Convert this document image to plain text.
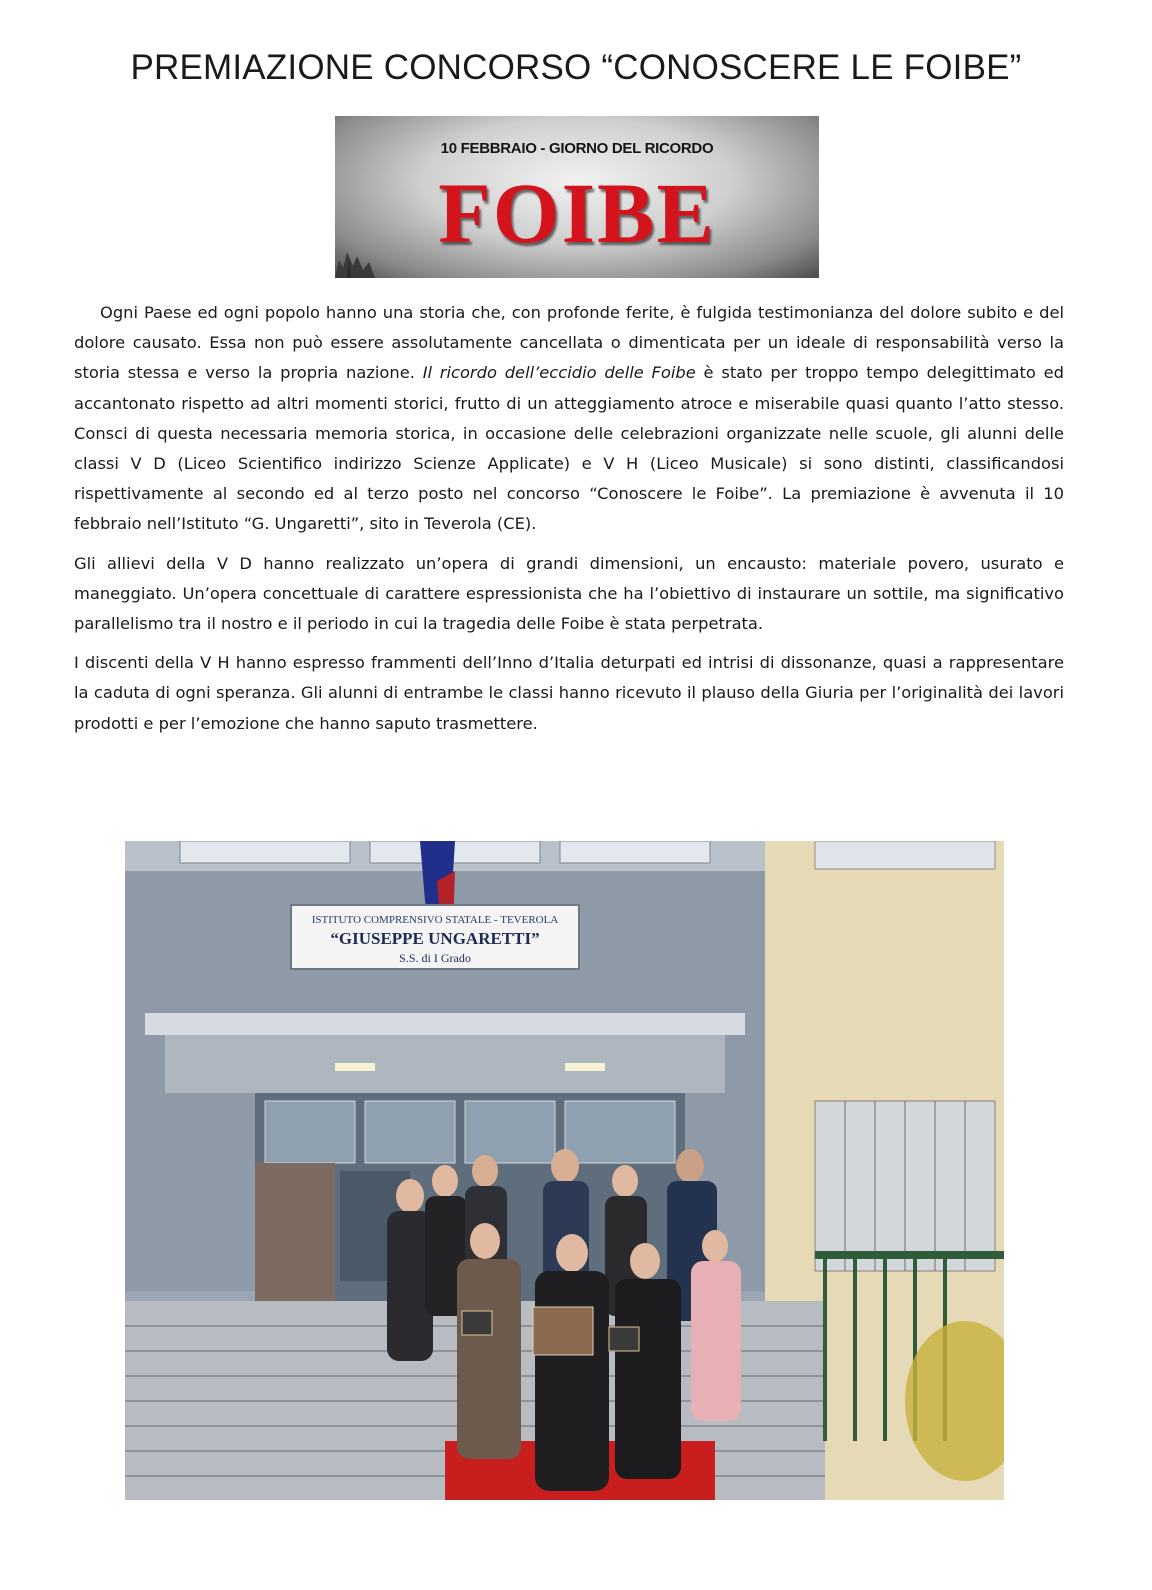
PREMIAZIONE CONCORSO “CONOSCERE LE FOIBE”
10 FEBBRAIO - GIORNO DEL RICORDO
FOIBE

Ogni Paese ed ogni popolo hanno una storia che, con profonde ferite, è fulgida testimonianza del dolore subito e del dolore causato. Essa non può essere assolutamente cancellata o dimenticata per un ideale di responsabilità verso la storia stessa e verso la propria nazione. Il ricordo dell’eccidio delle Foibe è stato per troppo tempo delegittimato ed accantonato rispetto ad altri momenti storici, frutto di un atteggiamento atroce e miserabile quasi quanto l’atto stesso. Consci di questa necessaria memoria storica, in occasione delle celebrazioni organizzate nelle scuole, gli alunni delle classi V D (Liceo Scientifico indirizzo Scienze Applicate) e V H (Liceo Musicale) si sono distinti, classificandosi rispettivamente al secondo ed al terzo posto nel concorso “Conoscere le Foibe”. La premiazione è avvenuta il 10 febbraio nell’Istituto “G. Ungaretti”, sito in Teverola (CE).

Gli allievi della V D hanno realizzato un’opera di grandi dimensioni, un encausto: materiale povero, usurato e maneggiato. Un’opera concettuale di carattere espressionista che ha l’obiettivo di instaurare un sottile, ma significativo parallelismo tra il nostro e il periodo in cui la tragedia delle Foibe è stata perpetrata.

I discenti della V H hanno espresso frammenti dell’Inno d’Italia deturpati ed intrisi di dissonanze, quasi a rappresentare la caduta di ogni speranza. Gli alunni di entrambe le classi hanno ricevuto il plauso della Giuria per l’originalità dei lavori prodotti e per l’emozione che hanno saputo trasmettere.

ISTITUTO COMPRENSIVO STATALE - TEVEROLA
“GIUSEPPE UNGARETTI”
S.S. di I Grado
